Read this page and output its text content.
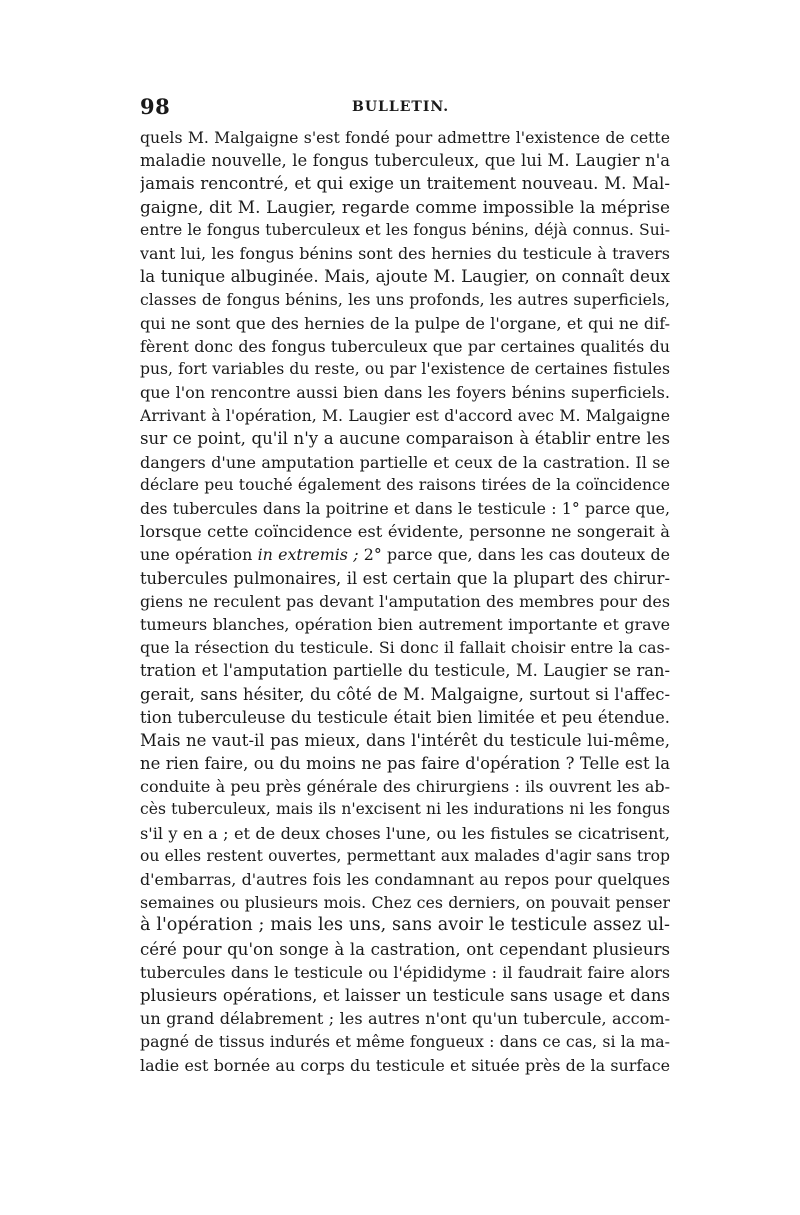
98	BULLETIN.
quels M. Malgaigne s'est fondé pour admettre l'existence de cette
maladie nouvelle, le fongus tuberculeux, que lui M. Laugier n'a
jamais rencontré, et qui exige un traitement nouveau. M. Mal-
gaigne, dit M. Laugier, regarde comme impossible la méprise
entre le fongus tuberculeux et les fongus bénins, déjà connus. Sui-
vant lui, les fongus bénins sont des hernies du testicule à travers
la tunique albuginée. Mais, ajoute M. Laugier, on connaît deux
classes de fongus bénins, les uns profonds, les autres superficiels,
qui ne sont que des hernies de la pulpe de l'organe, et qui ne dif-
fèrent donc des fongus tuberculeux que par certaines qualités du
pus, fort variables du reste, ou par l'existence de certaines fistules
que l'on rencontre aussi bien dans les foyers bénins superficiels.
Arrivant à l'opération, M. Laugier est d'accord avec M. Malgaigne
sur ce point, qu'il n'y a aucune comparaison à établir entre les
dangers d'une amputation partielle et ceux de la castration. Il se
déclare peu touché également des raisons tirées de la coïncidence
des tubercules dans la poitrine et dans le testicule : 1° parce que,
lorsque cette coïncidence est évidente, personne ne songerait à
une opération in extremis ; 2° parce que, dans les cas douteux de
tubercules pulmonaires, il est certain que la plupart des chirur-
giens ne reculent pas devant l'amputation des membres pour des
tumeurs blanches, opération bien autrement importante et grave
que la résection du testicule. Si donc il fallait choisir entre la cas-
tration et l'amputation partielle du testicule, M. Laugier se ran-
gerait, sans hésiter, du côté de M. Malgaigne, surtout si l'affec-
tion tuberculeuse du testicule était bien limitée et peu étendue.
Mais ne vaut-il pas mieux, dans l'intérêt du testicule lui-même,
ne rien faire, ou du moins ne pas faire d'opération ? Telle est la
conduite à peu près générale des chirurgiens : ils ouvrent les ab-
cès tuberculeux, mais ils n'excisent ni les indurations ni les fongus
s'il y en a ; et de deux choses l'une, ou les fistules se cicatrisent,
ou elles restent ouvertes, permettant aux malades d'agir sans trop
d'embarras, d'autres fois les condamnant au repos pour quelques
semaines ou plusieurs mois. Chez ces derniers, on pouvait penser
à l'opération ; mais les uns, sans avoir le testicule assez ul-
céré pour qu'on songe à la castration, ont cependant plusieurs
tubercules dans le testicule ou l'épididyme : il faudrait faire alors
plusieurs opérations, et laisser un testicule sans usage et dans
un grand délabrement ; les autres n'ont qu'un tubercule, accom-
pagné de tissus indurés et même fongueux : dans ce cas, si la ma-
ladie est bornée au corps du testicule et située près de la surface
